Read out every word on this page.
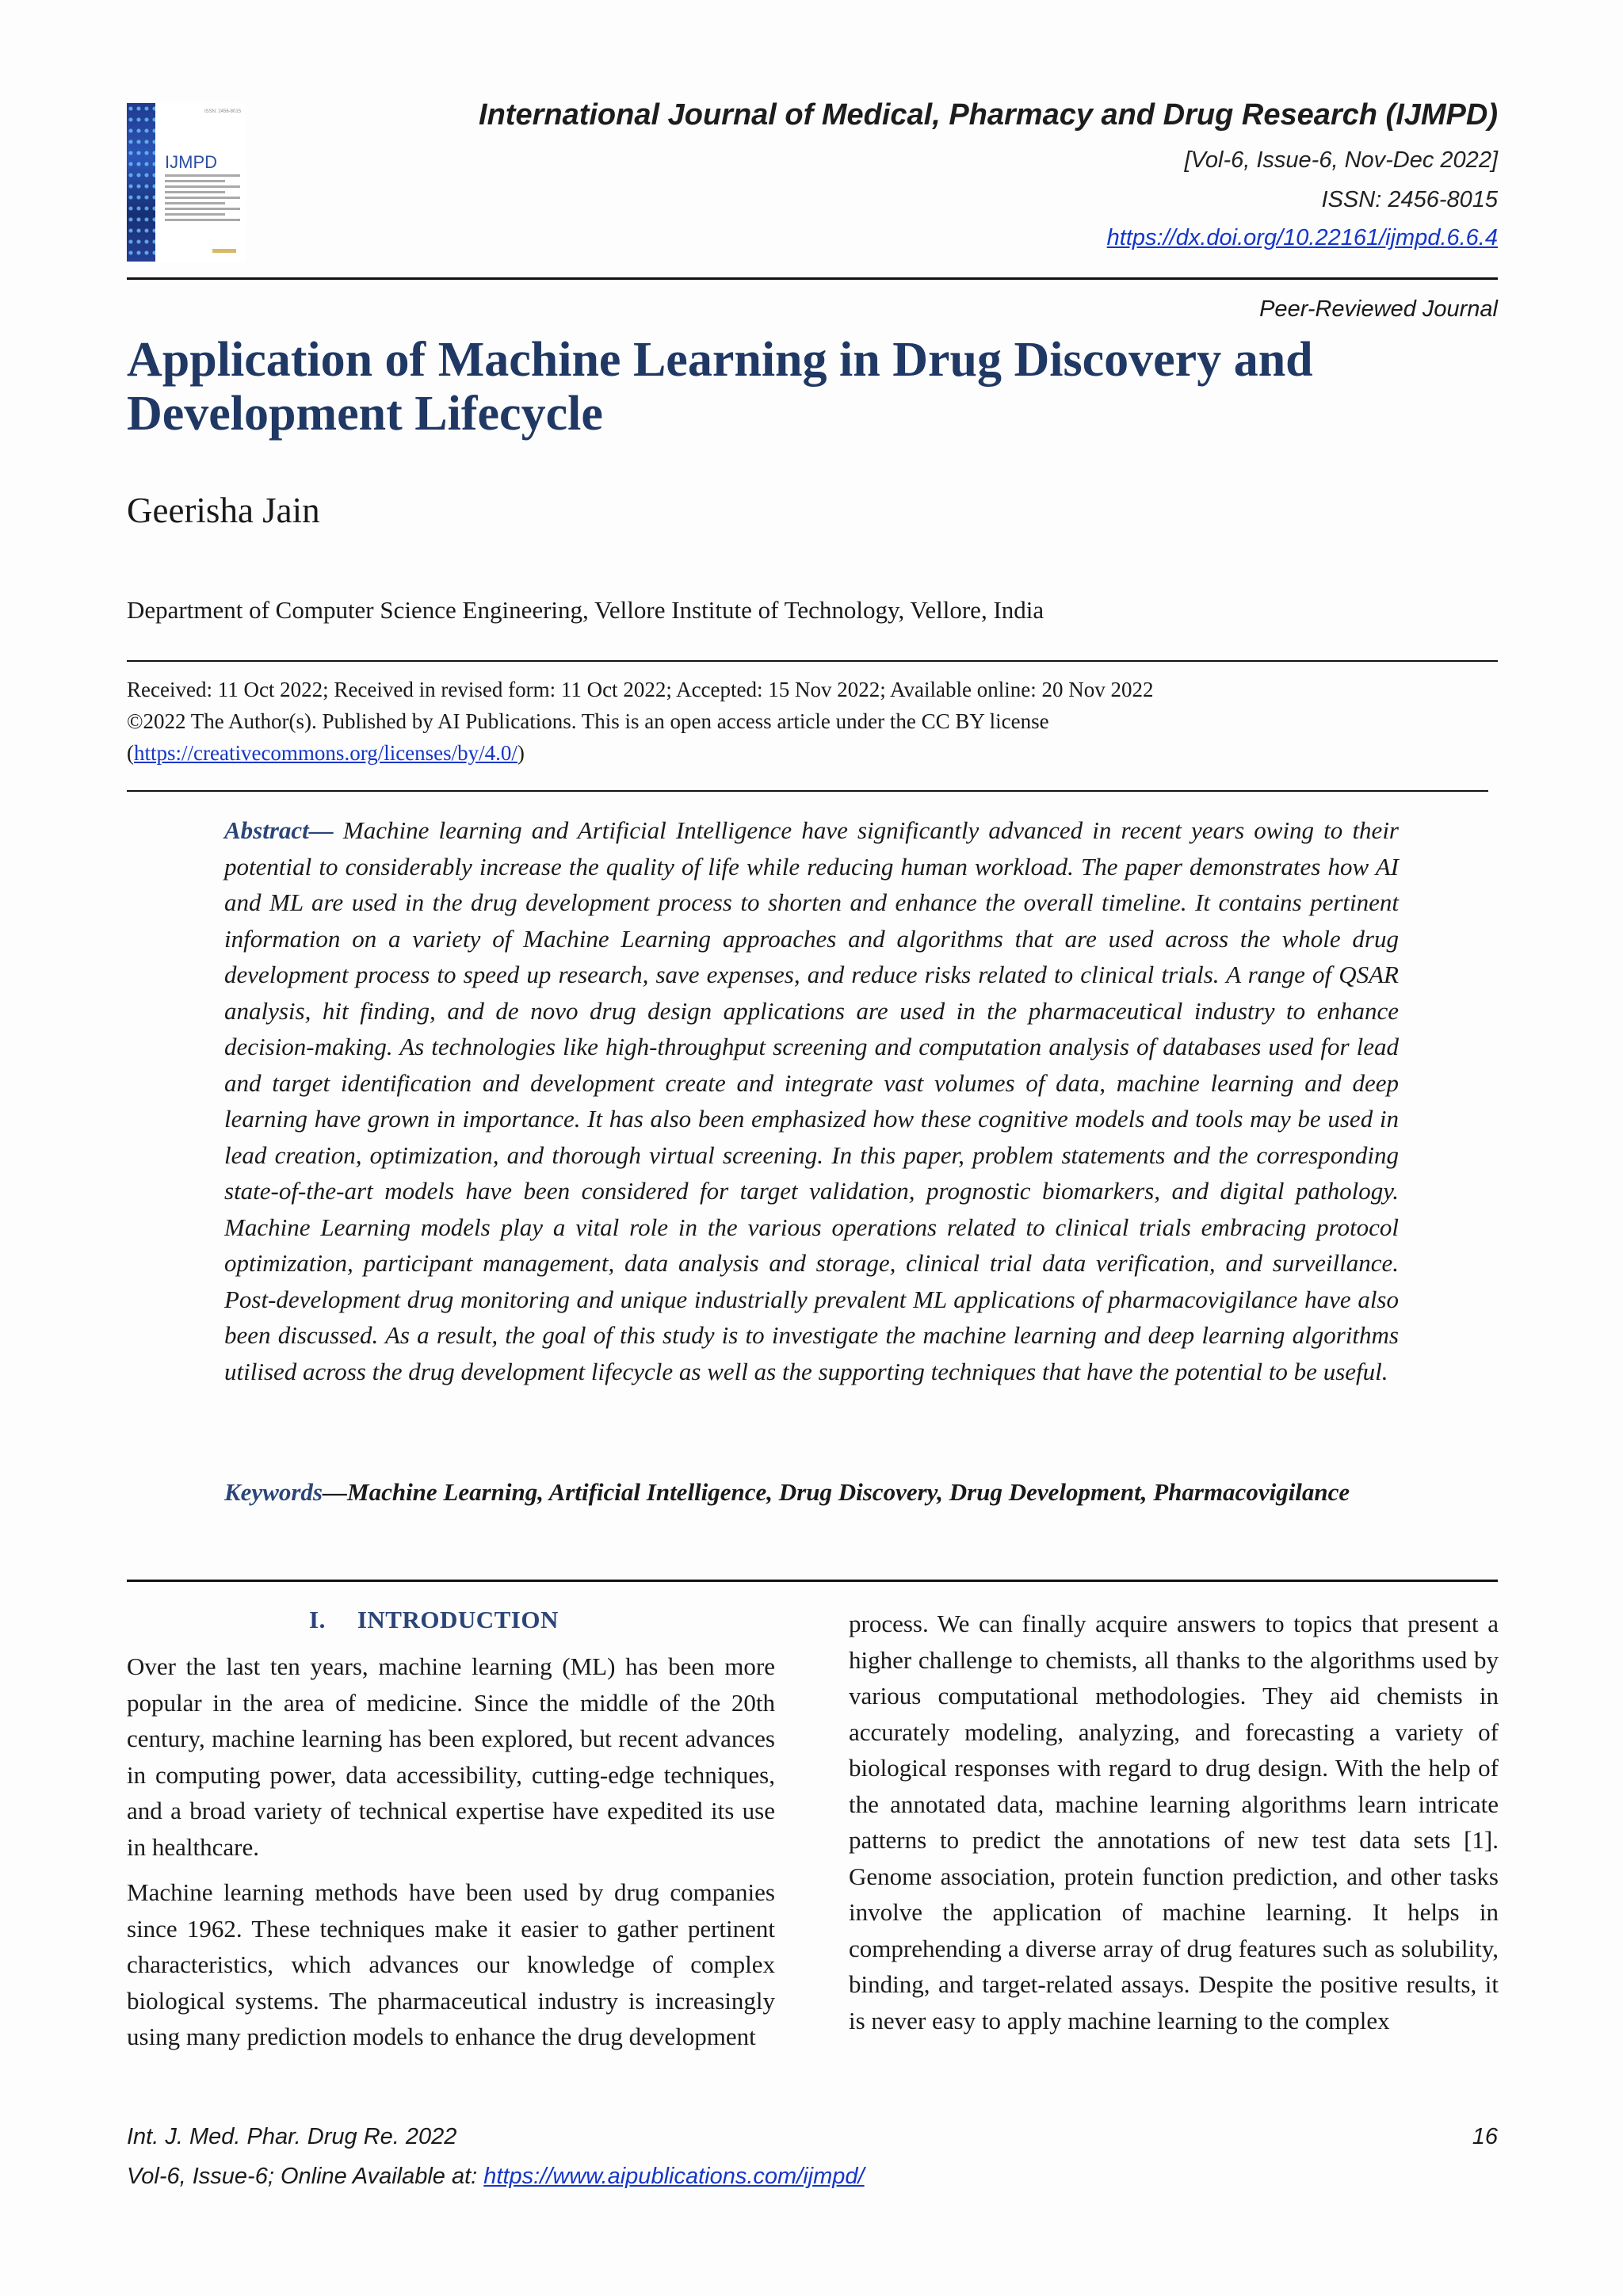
ISSN: 2456-8015
IJMPD
International Journal of Medical, Pharmacy and Drug Research (IJMPD)
[Vol-6, Issue-6, Nov-Dec 2022]
ISSN: 2456-8015
https://dx.doi.org/10.22161/ijmpd.6.6.4
Peer-Reviewed Journal
Application of Machine Learning in Drug Discovery and Development Lifecycle
Geerisha Jain
Department of Computer Science Engineering, Vellore Institute of Technology, Vellore, India
Received: 11 Oct 2022; Received in revised form: 11 Oct 2022; Accepted: 15 Nov 2022; Available online: 20 Nov 2022
©2022 The Author(s). Published by AI Publications. This is an open access article under the CC BY license
(https://creativecommons.org/licenses/by/4.0/)
Abstract— Machine learning and Artificial Intelligence have significantly advanced in recent years owing to their potential to considerably increase the quality of life while reducing human workload. The paper demonstrates how AI and ML are used in the drug development process to shorten and enhance the overall timeline. It contains pertinent information on a variety of Machine Learning approaches and algorithms that are used across the whole drug development process to speed up research, save expenses, and reduce risks related to clinical trials. A range of QSAR analysis, hit finding, and de novo drug design applications are used in the pharmaceutical industry to enhance decision-making. As technologies like high-throughput screening and computation analysis of databases used for lead and target identification and development create and integrate vast volumes of data, machine learning and deep learning have grown in importance. It has also been emphasized how these cognitive models and tools may be used in lead creation, optimization, and thorough virtual screening. In this paper, problem statements and the corresponding state-of-the-art models have been considered for target validation, prognostic biomarkers, and digital pathology. Machine Learning models play a vital role in the various operations related to clinical trials embracing protocol optimization, participant management, data analysis and storage, clinical trial data verification, and surveillance. Post-development drug monitoring and unique industrially prevalent ML applications of pharmacovigilance have also been discussed. As a result, the goal of this study is to investigate the machine learning and deep learning algorithms utilised across the drug development lifecycle as well as the supporting techniques that have the potential to be useful.
Keywords—Machine Learning, Artificial Intelligence, Drug Discovery, Drug Development, Pharmacovigilance
I. INTRODUCTION

Over the last ten years, machine learning (ML) has been more popular in the area of medicine. Since the middle of the 20th century, machine learning has been explored, but recent advances in computing power, data accessibility, cutting-edge techniques, and a broad variety of technical expertise have expedited its use in healthcare.

Machine learning methods have been used by drug companies since 1962. These techniques make it easier to gather pertinent characteristics, which advances our knowledge of complex biological systems. The pharmaceutical industry is increasingly using many prediction models to enhance the drug development

process. We can finally acquire answers to topics that present a higher challenge to chemists, all thanks to the algorithms used by various computational methodologies. They aid chemists in accurately modeling, analyzing, and forecasting a variety of biological responses with regard to drug design. With the help of the annotated data, machine learning algorithms learn intricate patterns to predict the annotations of new test data sets [1]. Genome association, protein function prediction, and other tasks involve the application of machine learning. It helps in comprehending a diverse array of drug features such as solubility, binding, and target-related assays. Despite the positive results, it is never easy to apply machine learning to the complex

Int. J. Med. Phar. Drug Re. 2022
Vol-6, Issue-6; Online Available at: https://www.aipublications.com/ijmpd/
16
